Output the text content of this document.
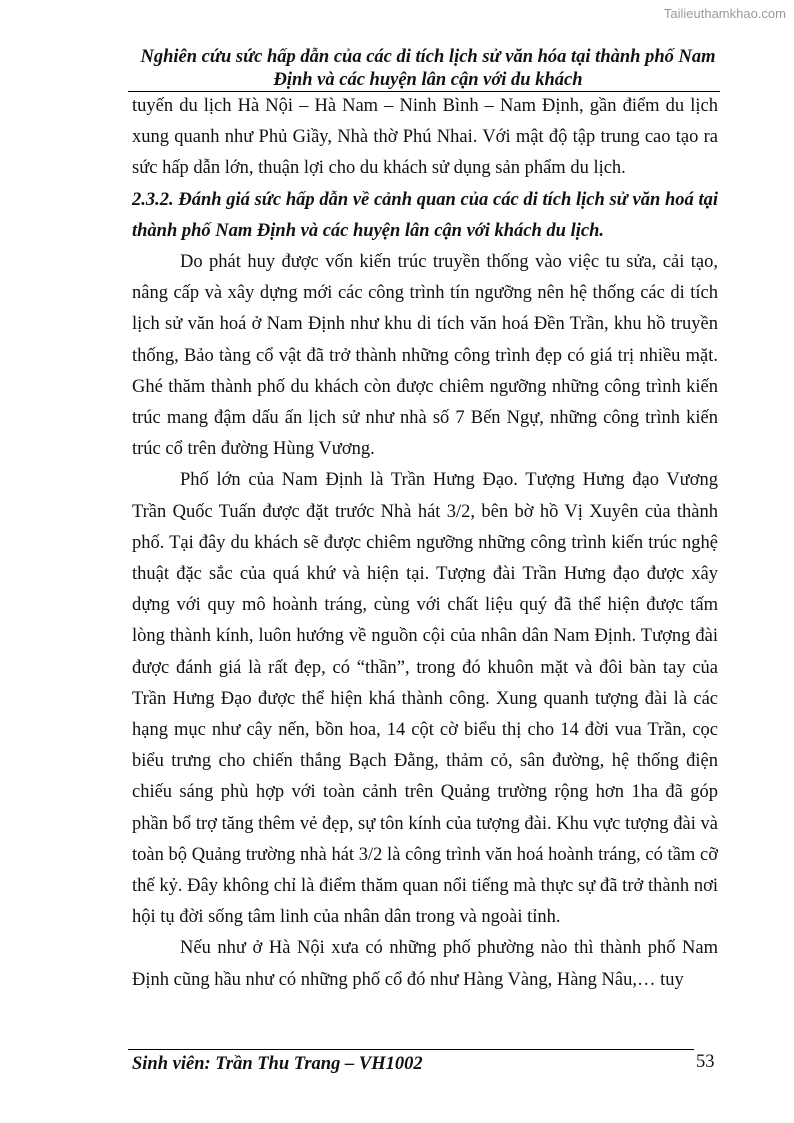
Tailieuthamkhao.com
Nghiên cứu sức hấp dẫn của các di tích lịch sử văn hóa tại thành phố Nam
Định và các huyện lân cận với du khách

tuyến du lịch Hà Nội – Hà Nam – Ninh Bình – Nam Định, gần điểm du lịch xung quanh như Phủ Giầy, Nhà thờ Phú Nhai. Với mật độ tập trung cao tạo ra sức hấp dẫn lớn, thuận lợi cho du khách sử dụng sản phẩm du lịch.

2.3.2. Đánh giá sức hấp dẫn về cảnh quan của các di tích lịch sử văn hoá tại thành phố Nam Định và các huyện lân cận với khách du lịch.

Do phát huy được vốn kiến trúc truyền thống vào việc tu sửa, cải tạo, nâng cấp và xây dựng mới các công trình tín ngưỡng nên hệ thống các di tích lịch sử văn hoá ở Nam Định như khu di tích văn hoá Đền Trần, khu hồ truyền thống, Bảo tàng cổ vật đã trở thành những công trình đẹp có giá trị nhiều mặt. Ghé thăm thành phố du khách còn được chiêm ngưỡng những công trình kiến trúc mang đậm dấu ấn lịch sử như nhà số 7 Bến Ngự, những công trình kiến trúc cổ trên đường Hùng Vương.

Phố lớn của Nam Định là Trần Hưng Đạo. Tượng Hưng đạo Vương Trần Quốc Tuấn được đặt trước Nhà hát 3/2, bên bờ hồ Vị Xuyên của thành phố. Tại đây du khách sẽ được chiêm ngưỡng những công trình kiến trúc nghệ thuật đặc sắc của quá khứ và hiện tại. Tượng đài Trần Hưng đạo được xây dựng với quy mô hoành tráng, cùng với chất liệu quý đã thể hiện được tấm lòng thành kính, luôn hướng về nguồn cội của nhân dân Nam Định. Tượng đài được đánh giá là rất đẹp, có “thần”, trong đó khuôn mặt và đôi bàn tay của Trần Hưng Đạo được thể hiện khá thành công. Xung quanh tượng đài là các hạng mục như cây nến, bồn hoa, 14 cột cờ biểu thị cho 14 đời vua Trần, cọc biểu trưng cho chiến thắng Bạch Đằng, thảm cỏ, sân đường, hệ thống điện chiếu sáng phù hợp với toàn cảnh trên Quảng trường rộng hơn 1ha đã góp phần bổ trợ tăng thêm vẻ đẹp, sự tôn kính của tượng đài. Khu vực tượng đài và toàn bộ Quảng trường nhà hát 3/2 là công trình văn hoá hoành tráng, có tầm cỡ thế kỷ. Đây không chỉ là điểm thăm quan nổi tiếng mà thực sự đã trở thành nơi hội tụ đời sống tâm linh của nhân dân trong và ngoài tỉnh.

Nếu như ở Hà Nội xưa có những phố phường nào thì thành phố Nam Định cũng hầu như có những phố cổ đó như Hàng Vàng, Hàng Nâu,… tuy

Sinh viên: Trần Thu Trang – VH1002	53
